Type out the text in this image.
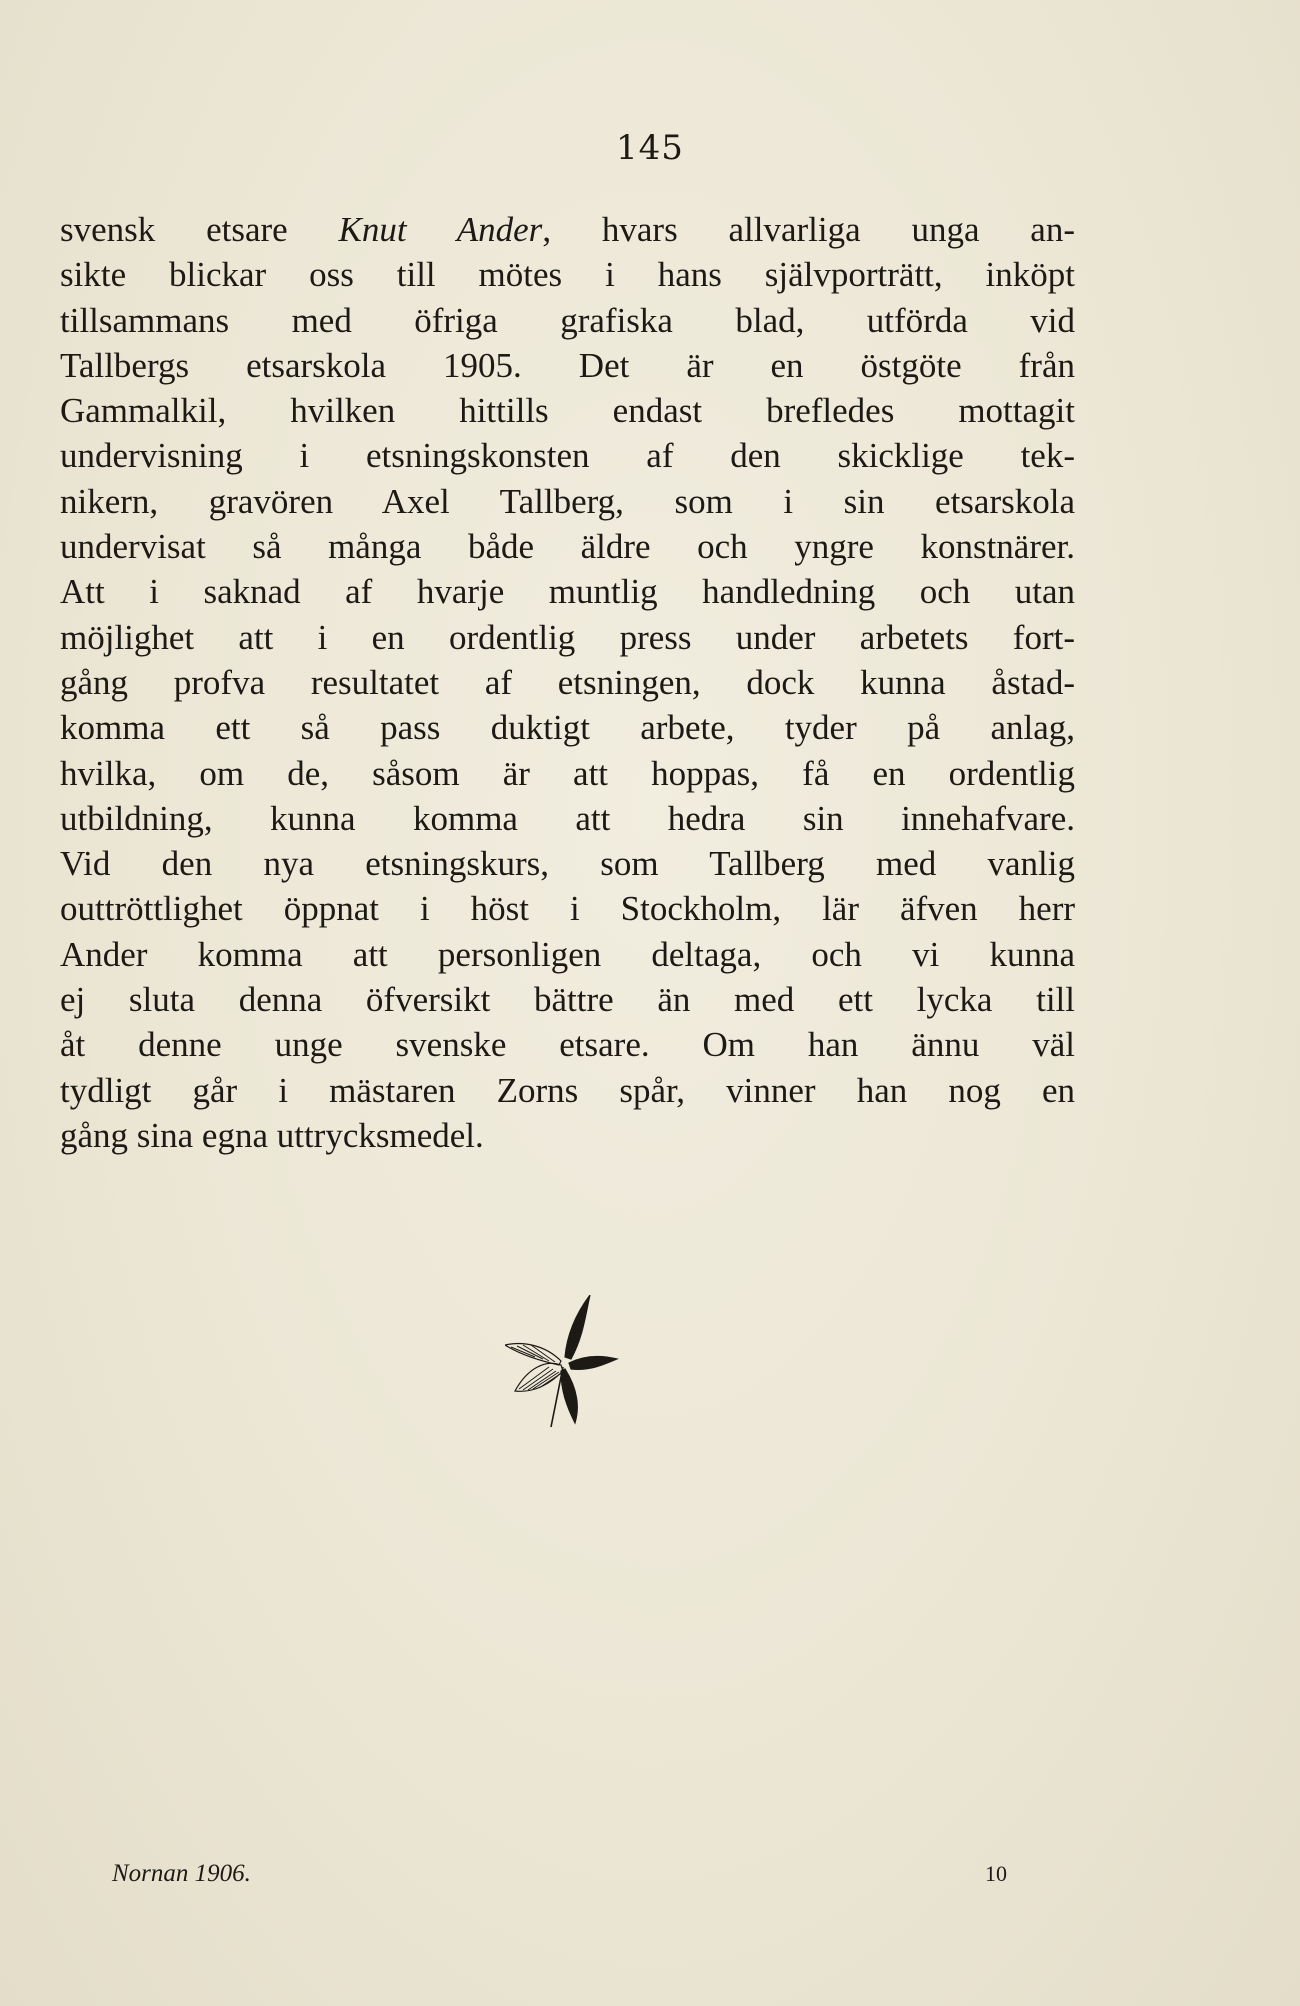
145
svensk etsare Knut Ander, hvars allvarliga unga an-
sikte blickar oss till mötes i hans självporträtt, inköpt
tillsammans med öfriga grafiska blad, utförda vid
Tallbergs etsarskola 1905. Det är en östgöte från
Gammalkil, hvilken hittills endast brefledes mottagit
undervisning i etsningskonsten af den skicklige tek-
nikern, gravören Axel Tallberg, som i sin etsarskola
undervisat så många både äldre och yngre konstnärer.
Att i saknad af hvarje muntlig handledning och utan
möjlighet att i en ordentlig press under arbetets fort-
gång profva resultatet af etsningen, dock kunna åstad-
komma ett så pass duktigt arbete, tyder på anlag,
hvilka, om de, såsom är att hoppas, få en ordentlig
utbildning, kunna komma att hedra sin innehafvare.
Vid den nya etsningskurs, som Tallberg med vanlig
outtröttlighet öppnat i höst i Stockholm, lär äfven herr
Ander komma att personligen deltaga, och vi kunna
ej sluta denna öfversikt bättre än med ett lycka till
åt denne unge svenske etsare. Om han ännu väl
tydligt går i mästaren Zorns spår, vinner han nog en
gång sina egna uttrycksmedel.
Nornan 1906.	10
